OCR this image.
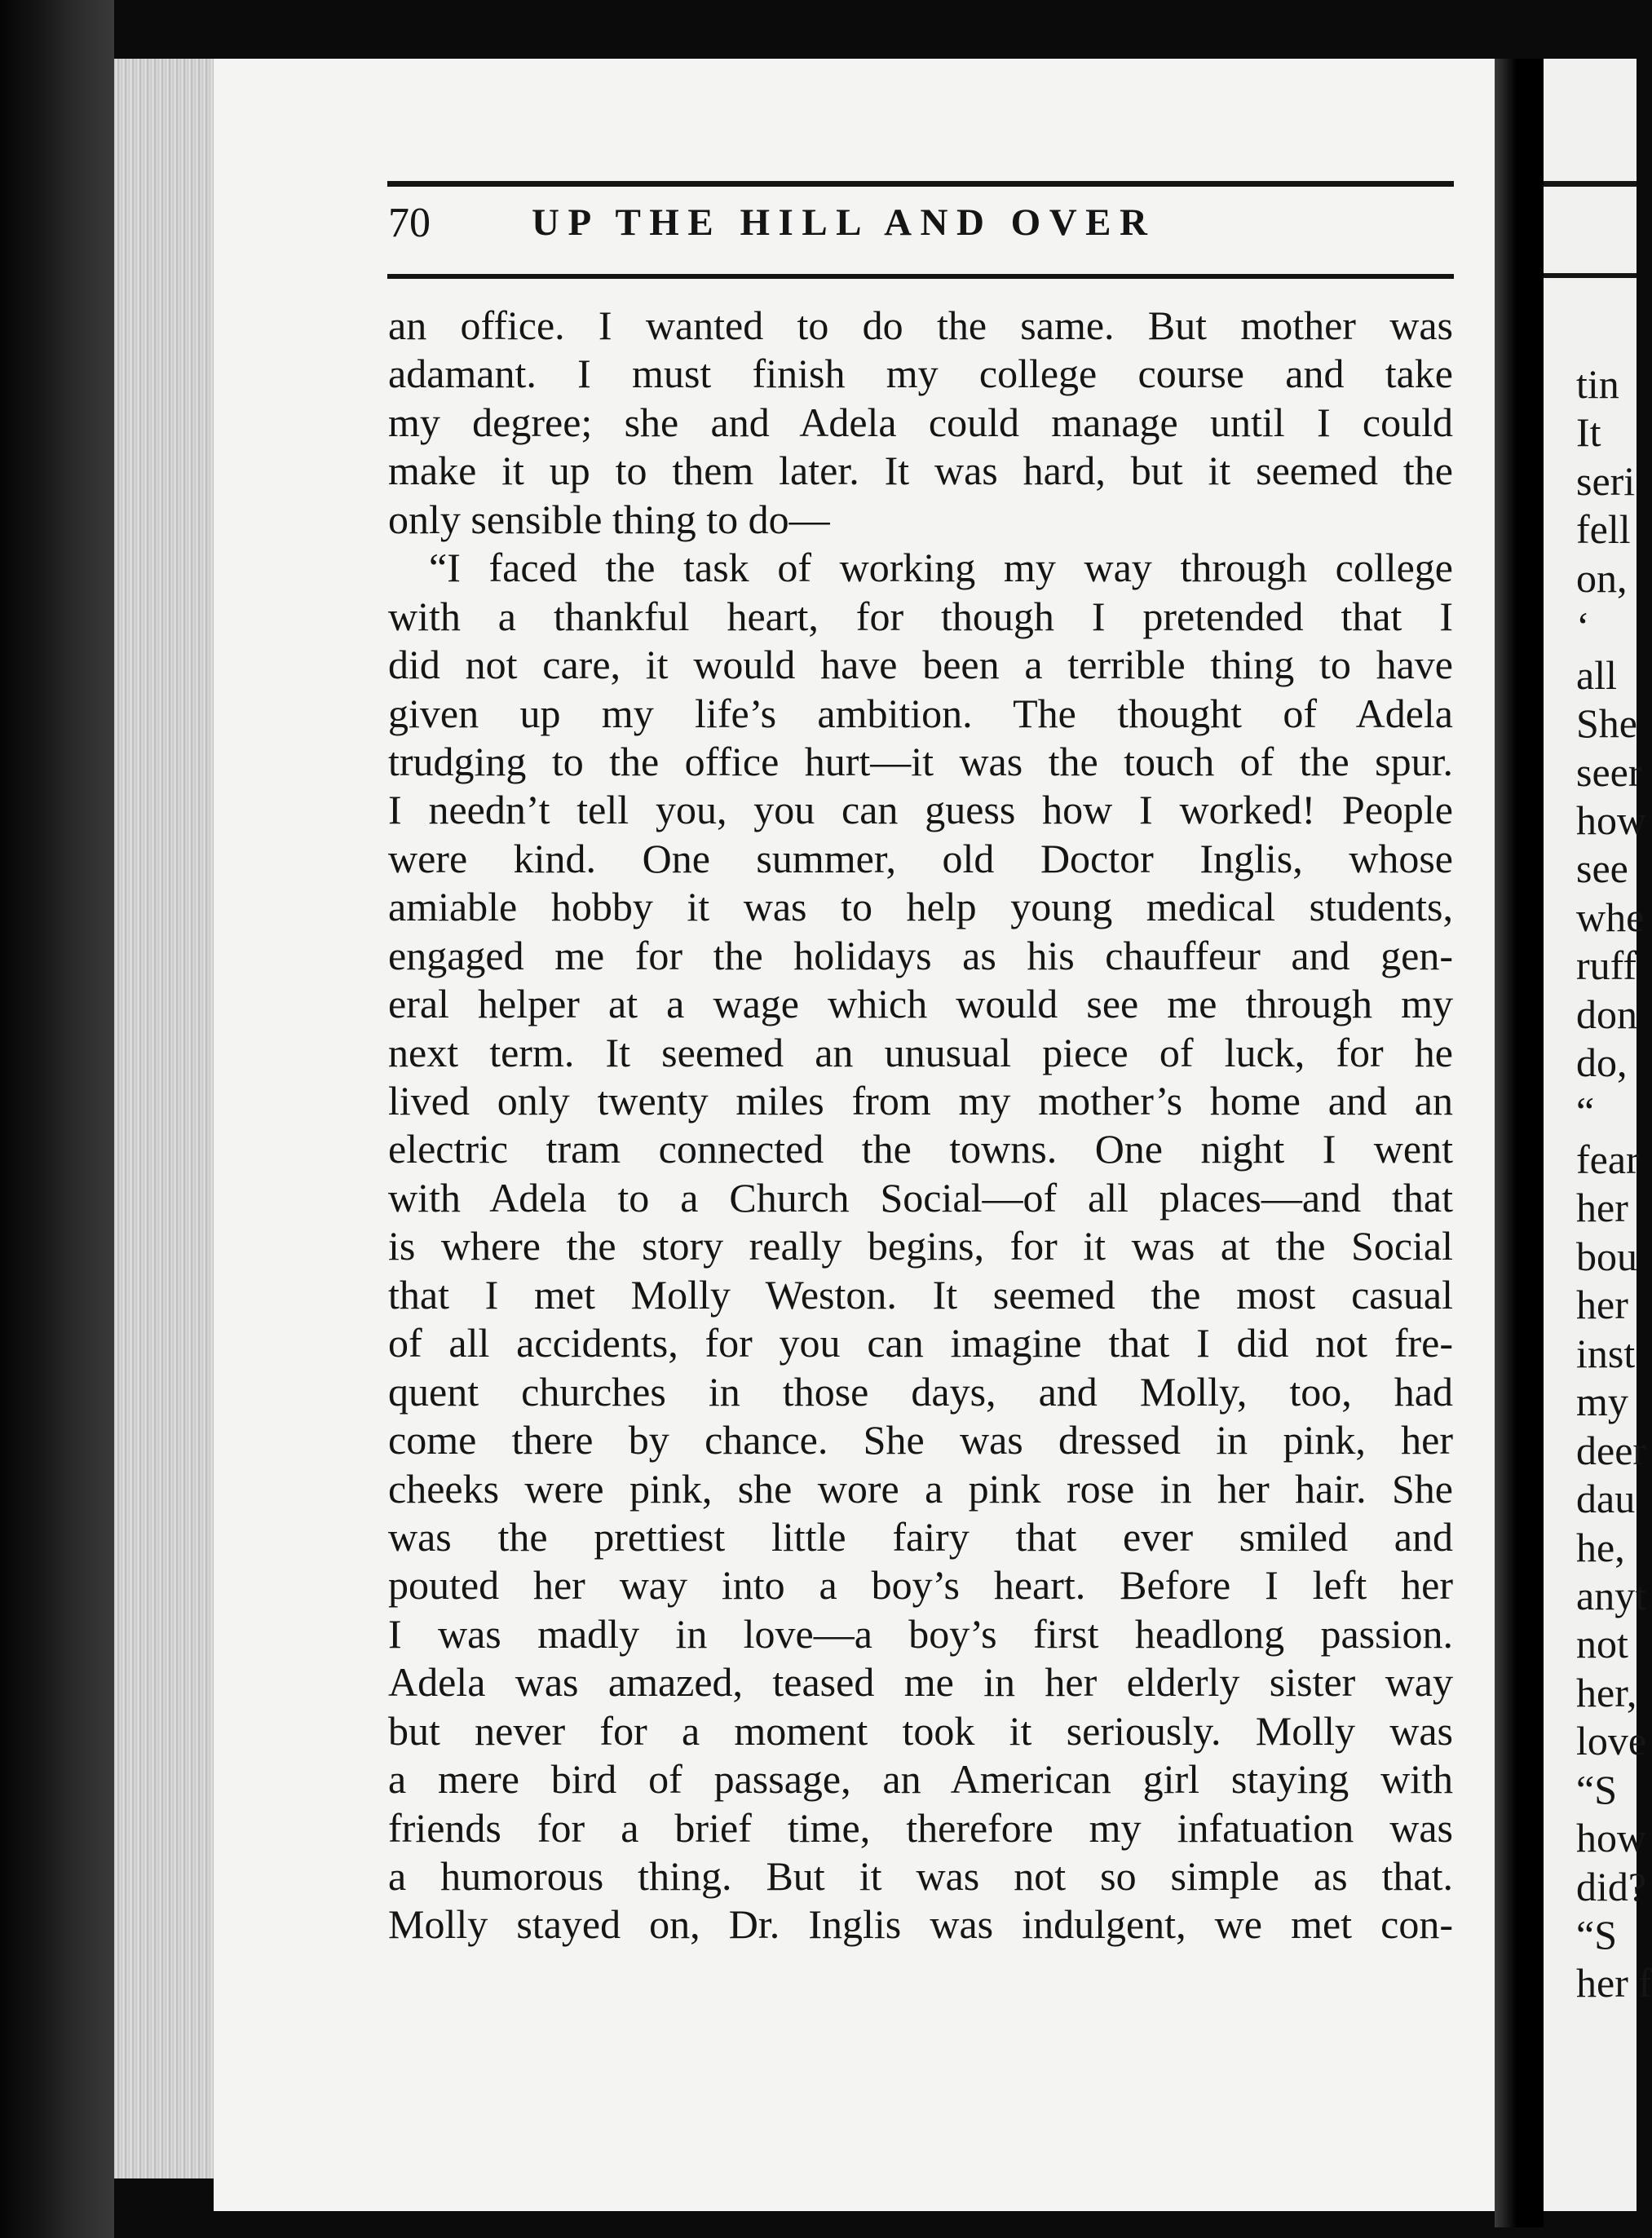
70	UP THE HILL AND OVER
an office. I wanted to do the same. But mother was
adamant. I must finish my college course and take
my degree; she and Adela could manage until I could
make it up to them later. It was hard, but it seemed the
only sensible thing to do—
“I faced the task of working my way through college
with a thankful heart, for though I pretended that I
did not care, it would have been a terrible thing to have
given up my life’s ambition. The thought of Adela
trudging to the office hurt—it was the touch of the spur.
I needn’t tell you, you can guess how I worked! People
were kind. One summer, old Doctor Inglis, whose
amiable hobby it was to help young medical students,
engaged me for the holidays as his chauffeur and gen-
eral helper at a wage which would see me through my
next term. It seemed an unusual piece of luck, for he
lived only twenty miles from my mother’s home and an
electric tram connected the towns. One night I went
with Adela to a Church Social—of all places—and that
is where the story really begins, for it was at the Social
that I met Molly Weston. It seemed the most casual
of all accidents, for you can imagine that I did not fre-
quent churches in those days, and Molly, too, had
come there by chance. She was dressed in pink, her
cheeks were pink, she wore a pink rose in her hair. She
was the prettiest little fairy that ever smiled and
pouted her way into a boy’s heart. Before I left her
I was madly in love—a boy’s first headlong passion.
Adela was amazed, teased me in her elderly sister way
but never for a moment took it seriously. Molly was
a mere bird of passage, an American girl staying with
friends for a brief time, therefore my infatuation was
a humorous thing. But it was not so simple as that.
Molly stayed on, Dr. Inglis was indulgent, we met con-
tin
It
seri
fell
on,
‘
all
She
seer
how
see
whe
ruff
don
do,
“
fear
her
bou
her
inst
my
deer
dau
he,
anyt
not
her,
love
“S
how
did?
“S
her f
